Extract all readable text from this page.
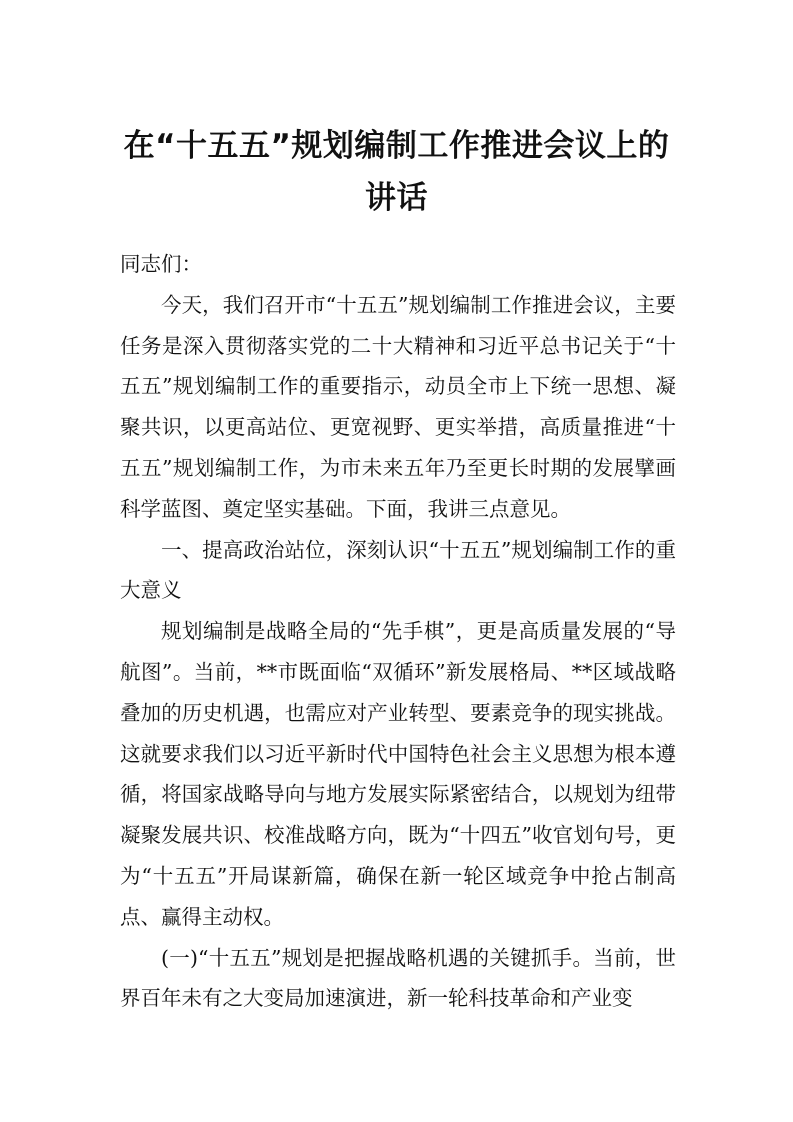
在“十五五”规划编制工作推进会议上的讲话

同志们：

今天，我们召开市“十五五”规划编制工作推进会议，主要任务是深入贯彻落实党的二十大精神和习近平总书记关于“十五五”规划编制工作的重要指示，动员全市上下统一思想、凝聚共识，以更高站位、更宽视野、更实举措，高质量推进“十五五”规划编制工作，为市未来五年乃至更长时期的发展擘画科学蓝图、奠定坚实基础。下面，我讲三点意见。

一、提高政治站位，深刻认识“十五五”规划编制工作的重大意义

规划编制是战略全局的“先手棋”，更是高质量发展的“导航图”。当前，**市既面临“双循环”新发展格局、**区域战略叠加的历史机遇，也需应对产业转型、要素竞争的现实挑战。这就要求我们以习近平新时代中国特色社会主义思想为根本遵循，将国家战略导向与地方发展实际紧密结合，以规划为纽带凝聚发展共识、校准战略方向，既为“十四五”收官划句号，更为“十五五”开局谋新篇，确保在新一轮区域竞争中抢占制高点、赢得主动权。

(一)“十五五”规划是把握战略机遇的关键抓手。当前，世界百年未有之大变局加速演进，新一轮科技革命和产业变
